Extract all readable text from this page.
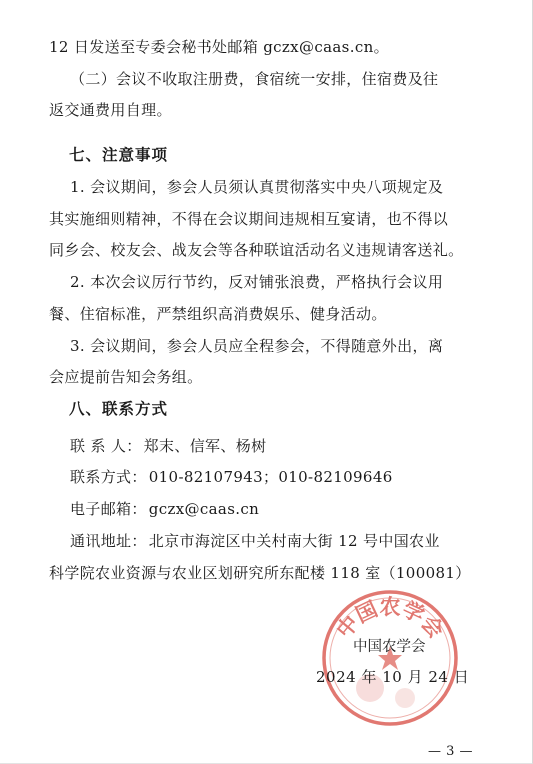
12 日发送至专委会秘书处邮箱 gczx@caas.cn。
（二）会议不收取注册费，食宿统一安排，住宿费及往
返交通费用自理。
七、注意事项
1. 会议期间，参会人员须认真贯彻落实中央八项规定及
其实施细则精神，不得在会议期间违规相互宴请，也不得以
同乡会、校友会、战友会等各种联谊活动名义违规请客送礼。
2. 本次会议厉行节约，反对铺张浪费，严格执行会议用
餐、住宿标准，严禁组织高消费娱乐、健身活动。
3. 会议期间，参会人员应全程参会，不得随意外出，离
会应提前告知会务组。
八、联系方式
联 系 人： 郑末、信军、杨树
联系方式： 010-82107943；010-82109646
电子邮箱： gczx@caas.cn
通讯地址： 北京市海淀区中关村南大街 12 号中国农业
科学院农业资源与农业区划研究所东配楼 118 室（100081）
中国农学会
中国农学会
2024 年 10 月 24 日
— 3 —
